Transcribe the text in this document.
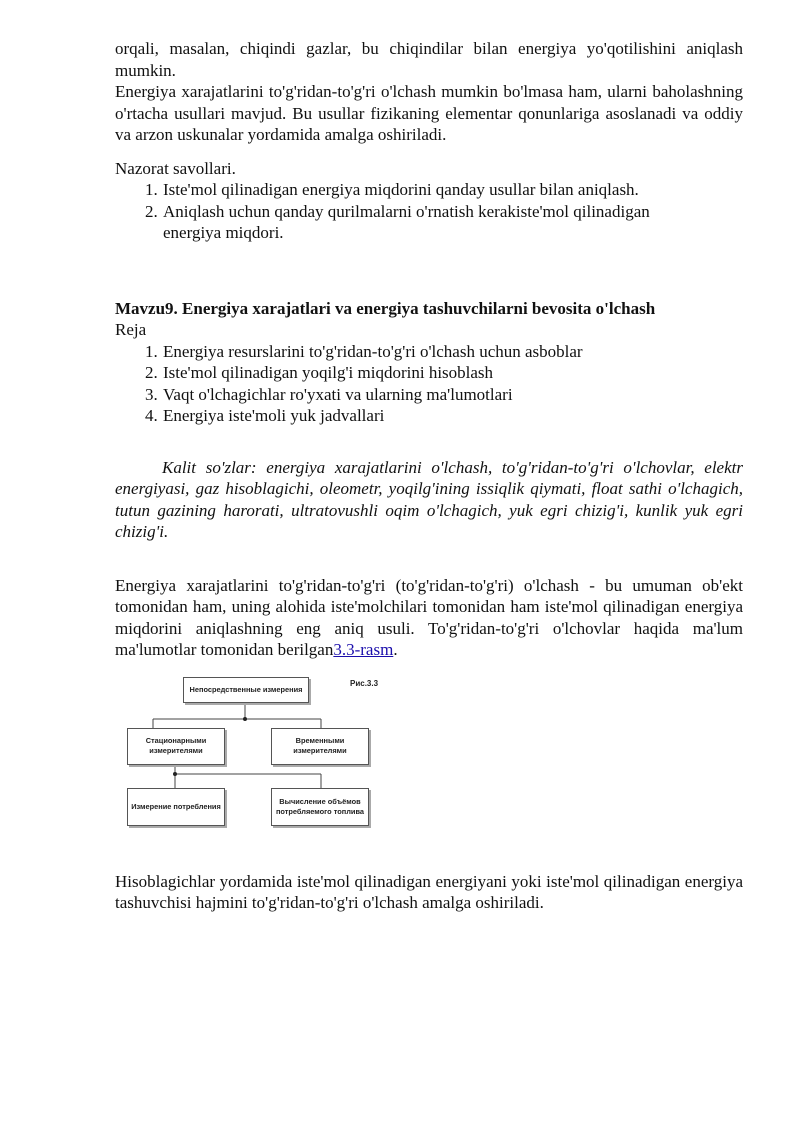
orqali, masalan, chiqindi gazlar, bu chiqindilar bilan energiya yo'qotilishini aniqlash mumkin.

Energiya xarajatlarini to'g'ridan-to'g'ri o'lchash mumkin bo'lmasa ham, ularni baholashning o'rtacha usullari mavjud. Bu usullar fizikaning elementar qonunlariga asoslanadi va oddiy va arzon uskunalar yordamida amalga oshiriladi.

Nazorat savollari.

1. Iste'mol qilinadigan energiya miqdorini qanday usullar bilan aniqlash.
2. Aniqlash uchun qanday qurilmalarni o'rnatish kerakiste'mol qilinadigan energiya miqdori.

Mavzu9. Energiya xarajatlari va energiya tashuvchilarni bevosita o'lchash

Reja

1. Energiya resurslarini to'g'ridan-to'g'ri o'lchash uchun asboblar
2. Iste'mol qilinadigan yoqilg'i miqdorini hisoblash
3. Vaqt o'lchagichlar ro'yxati va ularning ma'lumotlari
4. Energiya iste'moli yuk jadvallari

Kalit so'zlar: energiya xarajatlarini o'lchash, to'g'ridan-to'g'ri o'lchovlar, elektr energiyasi, gaz hisoblagichi, oleometr, yoqilg'ining issiqlik qiymati, float sathi o'lchagich, tutun gazining harorati, ultratovushli oqim o'lchagich, yuk egri chizig'i, kunlik yuk egri chizig'i.

Energiya xarajatlarini to'g'ridan-to'g'ri (to'g'ridan-to'g'ri) o'lchash - bu umuman ob'ekt tomonidan ham, uning alohida iste'molchilari tomonidan ham iste'mol qilinadigan energiya miqdorini aniqlashning eng aniq usuli. To'g'ridan-to'g'ri o'lchovlar haqida ma'lum ma'lumotlar tomonidan berilgan3.3-rasm.

Рис.3.3
Непосредственные измерения
Стационарными измерителями
Временными измерителями
Измерение потребления
Вычисление объёмов потребляемого топлива

Hisoblagichlar yordamida iste'mol qilinadigan energiyani yoki iste'mol qilinadigan energiya tashuvchisi hajmini to'g'ridan-to'g'ri o'lchash amalga oshiriladi.
